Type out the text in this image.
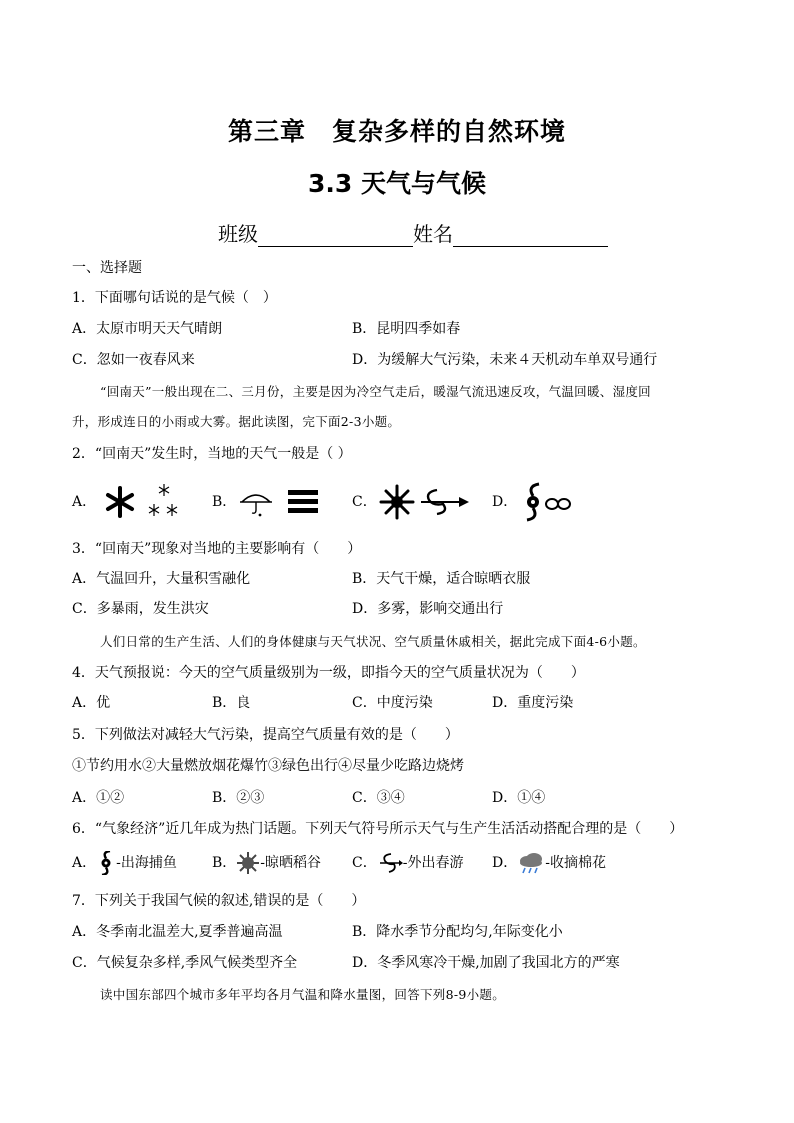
第三章　复杂多样的自然环境
3.3 天气与气候
班级	姓名
一、选择题
1．下面哪句话说的是气候（　）
A．太原市明天天气晴朗	B．昆明四季如春
C．忽如一夜春风来	D．为缓解大气污染，未来４天机动车单双号通行
“回南天”一般出现在二、三月份，主要是因为冷空气走后，暖湿气流迅速反攻，气温回暖、湿度回
升，形成连日的小雨或大雾。据此读图，完下面2-3小题。
2．“回南天”发生时，当地的天气一般是（ ）
A．	B．	C．	D．
3．“回南天”现象对当地的主要影响有（　　）
A．气温回升，大量积雪融化	B．天气干燥，适合晾晒衣服
C．多暴雨，发生洪灾	D．多雾，影响交通出行
人们日常的生产生活、人们的身体健康与天气状况、空气质量休戚相关，据此完成下面4-6小题。
4．天气预报说：今天的空气质量级别为一级，即指今天的空气质量状况为（　　）
A．优	B．良	C．中度污染	D．重度污染
5．下列做法对减轻大气污染，提高空气质量有效的是（　　）
①节约用水②大量燃放烟花爆竹③绿色出行④尽量少吃路边烧烤
A．①②	B．②③	C．③④	D．①④
6．“气象经济”近几年成为热门话题。下列天气符号所示天气与生产生活活动搭配合理的是（　　）
A． -出海捕鱼	B． -晾晒稻谷 C． -外出春游 D． -收摘棉花
7．下列关于我国气候的叙述,错误的是（　　）
A．冬季南北温差大,夏季普遍高温	B．降水季节分配均匀,年际变化小
C．气候复杂多样,季风气候类型齐全	D．冬季风寒冷干燥,加剧了我国北方的严寒
读中国东部四个城市多年平均各月气温和降水量图，回答下列8-9小题。
